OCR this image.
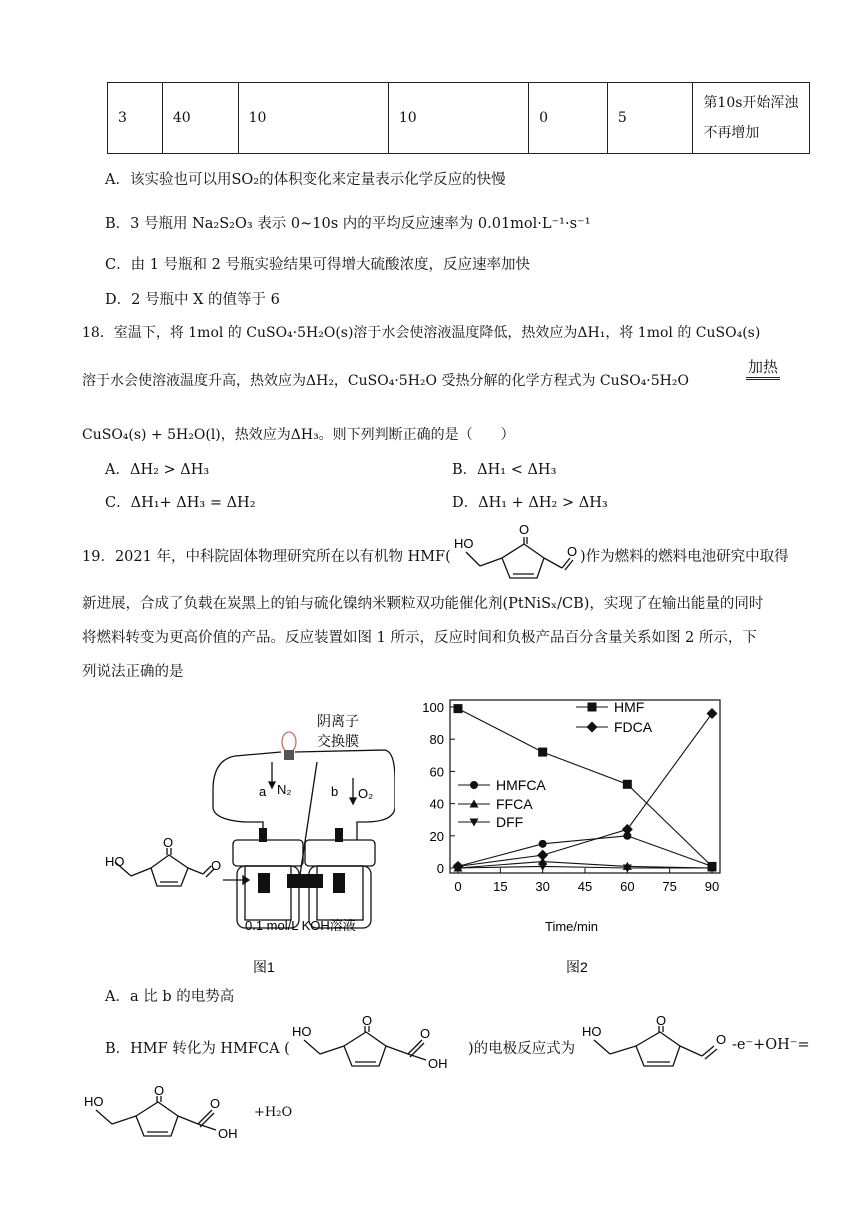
3	40	10	10	0	5	第10s开始浑浊不再增加
A．该实验也可以用SO₂的体积变化来定量表示化学反应的快慢
B．3 号瓶用 Na₂S₂O₃ 表示 0~10s 内的平均反应速率为 0.01mol·L⁻¹·s⁻¹
C．由 1 号瓶和 2 号瓶实验结果可得增大硫酸浓度，反应速率加快
D．2 号瓶中 X 的值等于 6
18．室温下，将 1mol 的 CuSO₄·5H₂O(s)溶于水会使溶液温度降低，热效应为ΔH₁，将 1mol 的 CuSO₄(s)
溶于水会使溶液温度升高，热效应为ΔH₂，CuSO₄·5H₂O 受热分解的化学方程式为 CuSO₄·5H₂O
加热
CuSO₄(s) + 5H₂O(l)，热效应为ΔH₃。则下列判断正确的是（　　）
A．ΔH₂ > ΔH₃	B．ΔH₁ < ΔH₃
C．ΔH₁+ ΔH₃ = ΔH₂	D．ΔH₁ + ΔH₂ > ΔH₃
19．2021 年，中科院固体物理研究所在以有机物 HMF(
HO
O
O )作为燃料的燃料电池研究中取得
新进展，合成了负载在炭黑上的铂与硫化镍纳米颗粒双功能催化剂(PtNiSₓ/CB)，实现了在输出能量的同时
将燃料转变为更高价值的产品。反应装置如图 1 所示，反应时间和负极产品百分含量关系如图 2 所示，下
列说法正确的是
HO
O
O
阴离子
交换膜
a N₂	b O₂
0.1 mol/L KOH溶液
图1	图2
Time/min
0
20
40
60
80
100
0 15 30 45 60 75 90
HMF
FDCA
HMFCA
FFCA
DFF
A．a 比 b 的电势高
B．HMF 转化为 HMFCA (
HO
O
O
OH
)的电极反应式为
HO
O
O -e⁻+OH⁻=
HO
O
O
OH
+H₂O
